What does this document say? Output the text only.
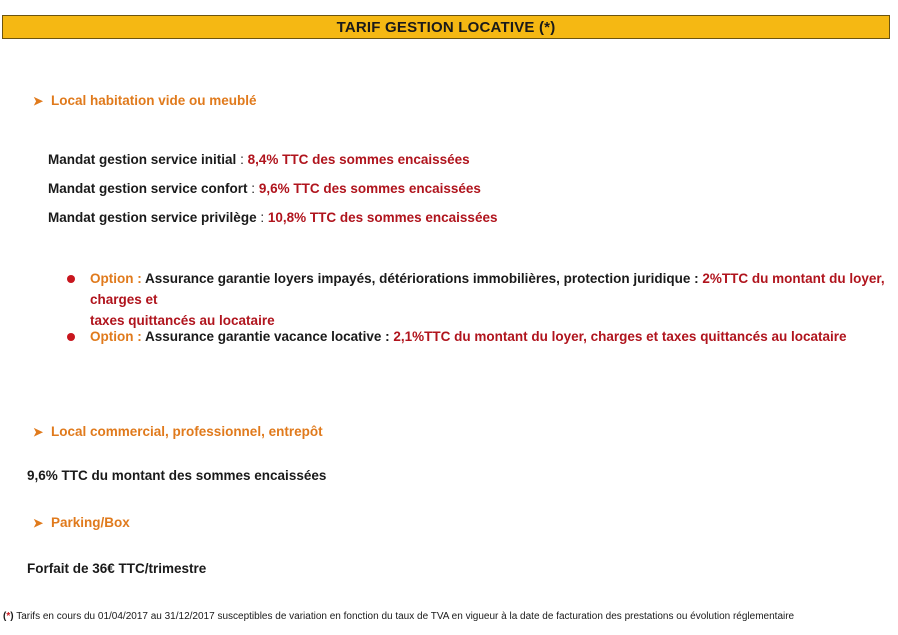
TARIF GESTION LOCATIVE (*)
➤ Local habitation vide ou meublé
Mandat gestion service initial : 8,4% TTC des sommes encaissées
Mandat gestion service confort : 9,6% TTC des sommes encaissées
Mandat gestion service privilège : 10,8% TTC des sommes encaissées
Option : Assurance garantie loyers impayés, détériorations immobilières, protection juridique : 2%TTC du montant du loyer, charges et
taxes quittancés au locataire
Option : Assurance garantie vacance locative : 2,1%TTC du montant du loyer, charges et taxes quittancés au locataire
➤ Local commercial, professionnel, entrepôt
9,6% TTC du montant des sommes encaissées
➤ Parking/Box
Forfait de 36€ TTC/trimestre
(*) Tarifs en cours du 01/04/2017 au 31/12/2017 susceptibles de variation en fonction du taux de TVA en vigueur à la date de facturation des prestations ou évolution réglementaire
